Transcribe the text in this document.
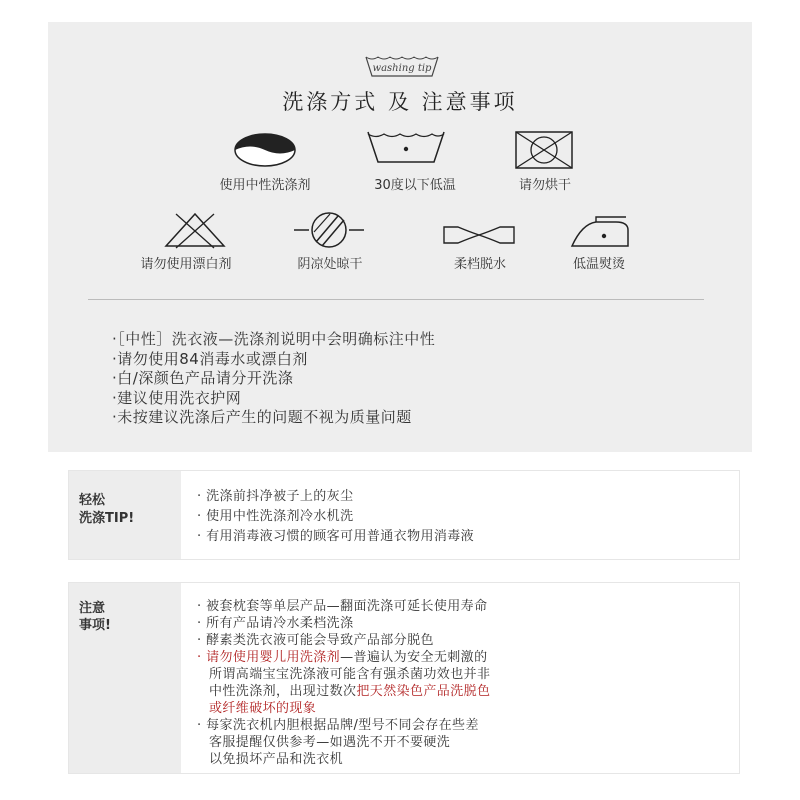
washing tip
洗涤方式 及 注意事项
使用中性洗涤剂	30度以下低温	请勿烘干
请勿使用漂白剂	阴凉处晾干	柔档脱水	低温熨烫
·［中性］洗衣液—洗涤剂说明中会明确标注中性
·请勿使用84消毒水或漂白剂
·白/深颜色产品请分开洗涤
·建议使用洗衣护网
·未按建议洗涤后产生的问题不视为质量问题
轻松
洗涤TIP!
· 洗涤前抖净被子上的灰尘
· 使用中性洗涤剂冷水机洗
· 有用消毒液习惯的顾客可用普通衣物用消毒液
注意
事项!
· 被套枕套等单层产品—翻面洗涤可延长使用寿命
· 所有产品请冷水柔档洗涤
· 酵素类洗衣液可能会导致产品部分脱色
· 请勿使用婴儿用洗涤剂—普遍认为安全无刺激的
所谓高端宝宝洗涤液可能含有强杀菌功效也并非
中性洗涤剂，出现过数次把天然染色产品洗脱色
或纤维破坏的现象
· 每家洗衣机内胆根据品牌/型号不同会存在些差
客服提醒仅供参考—如遇洗不开不要硬洗
以免损坏产品和洗衣机
